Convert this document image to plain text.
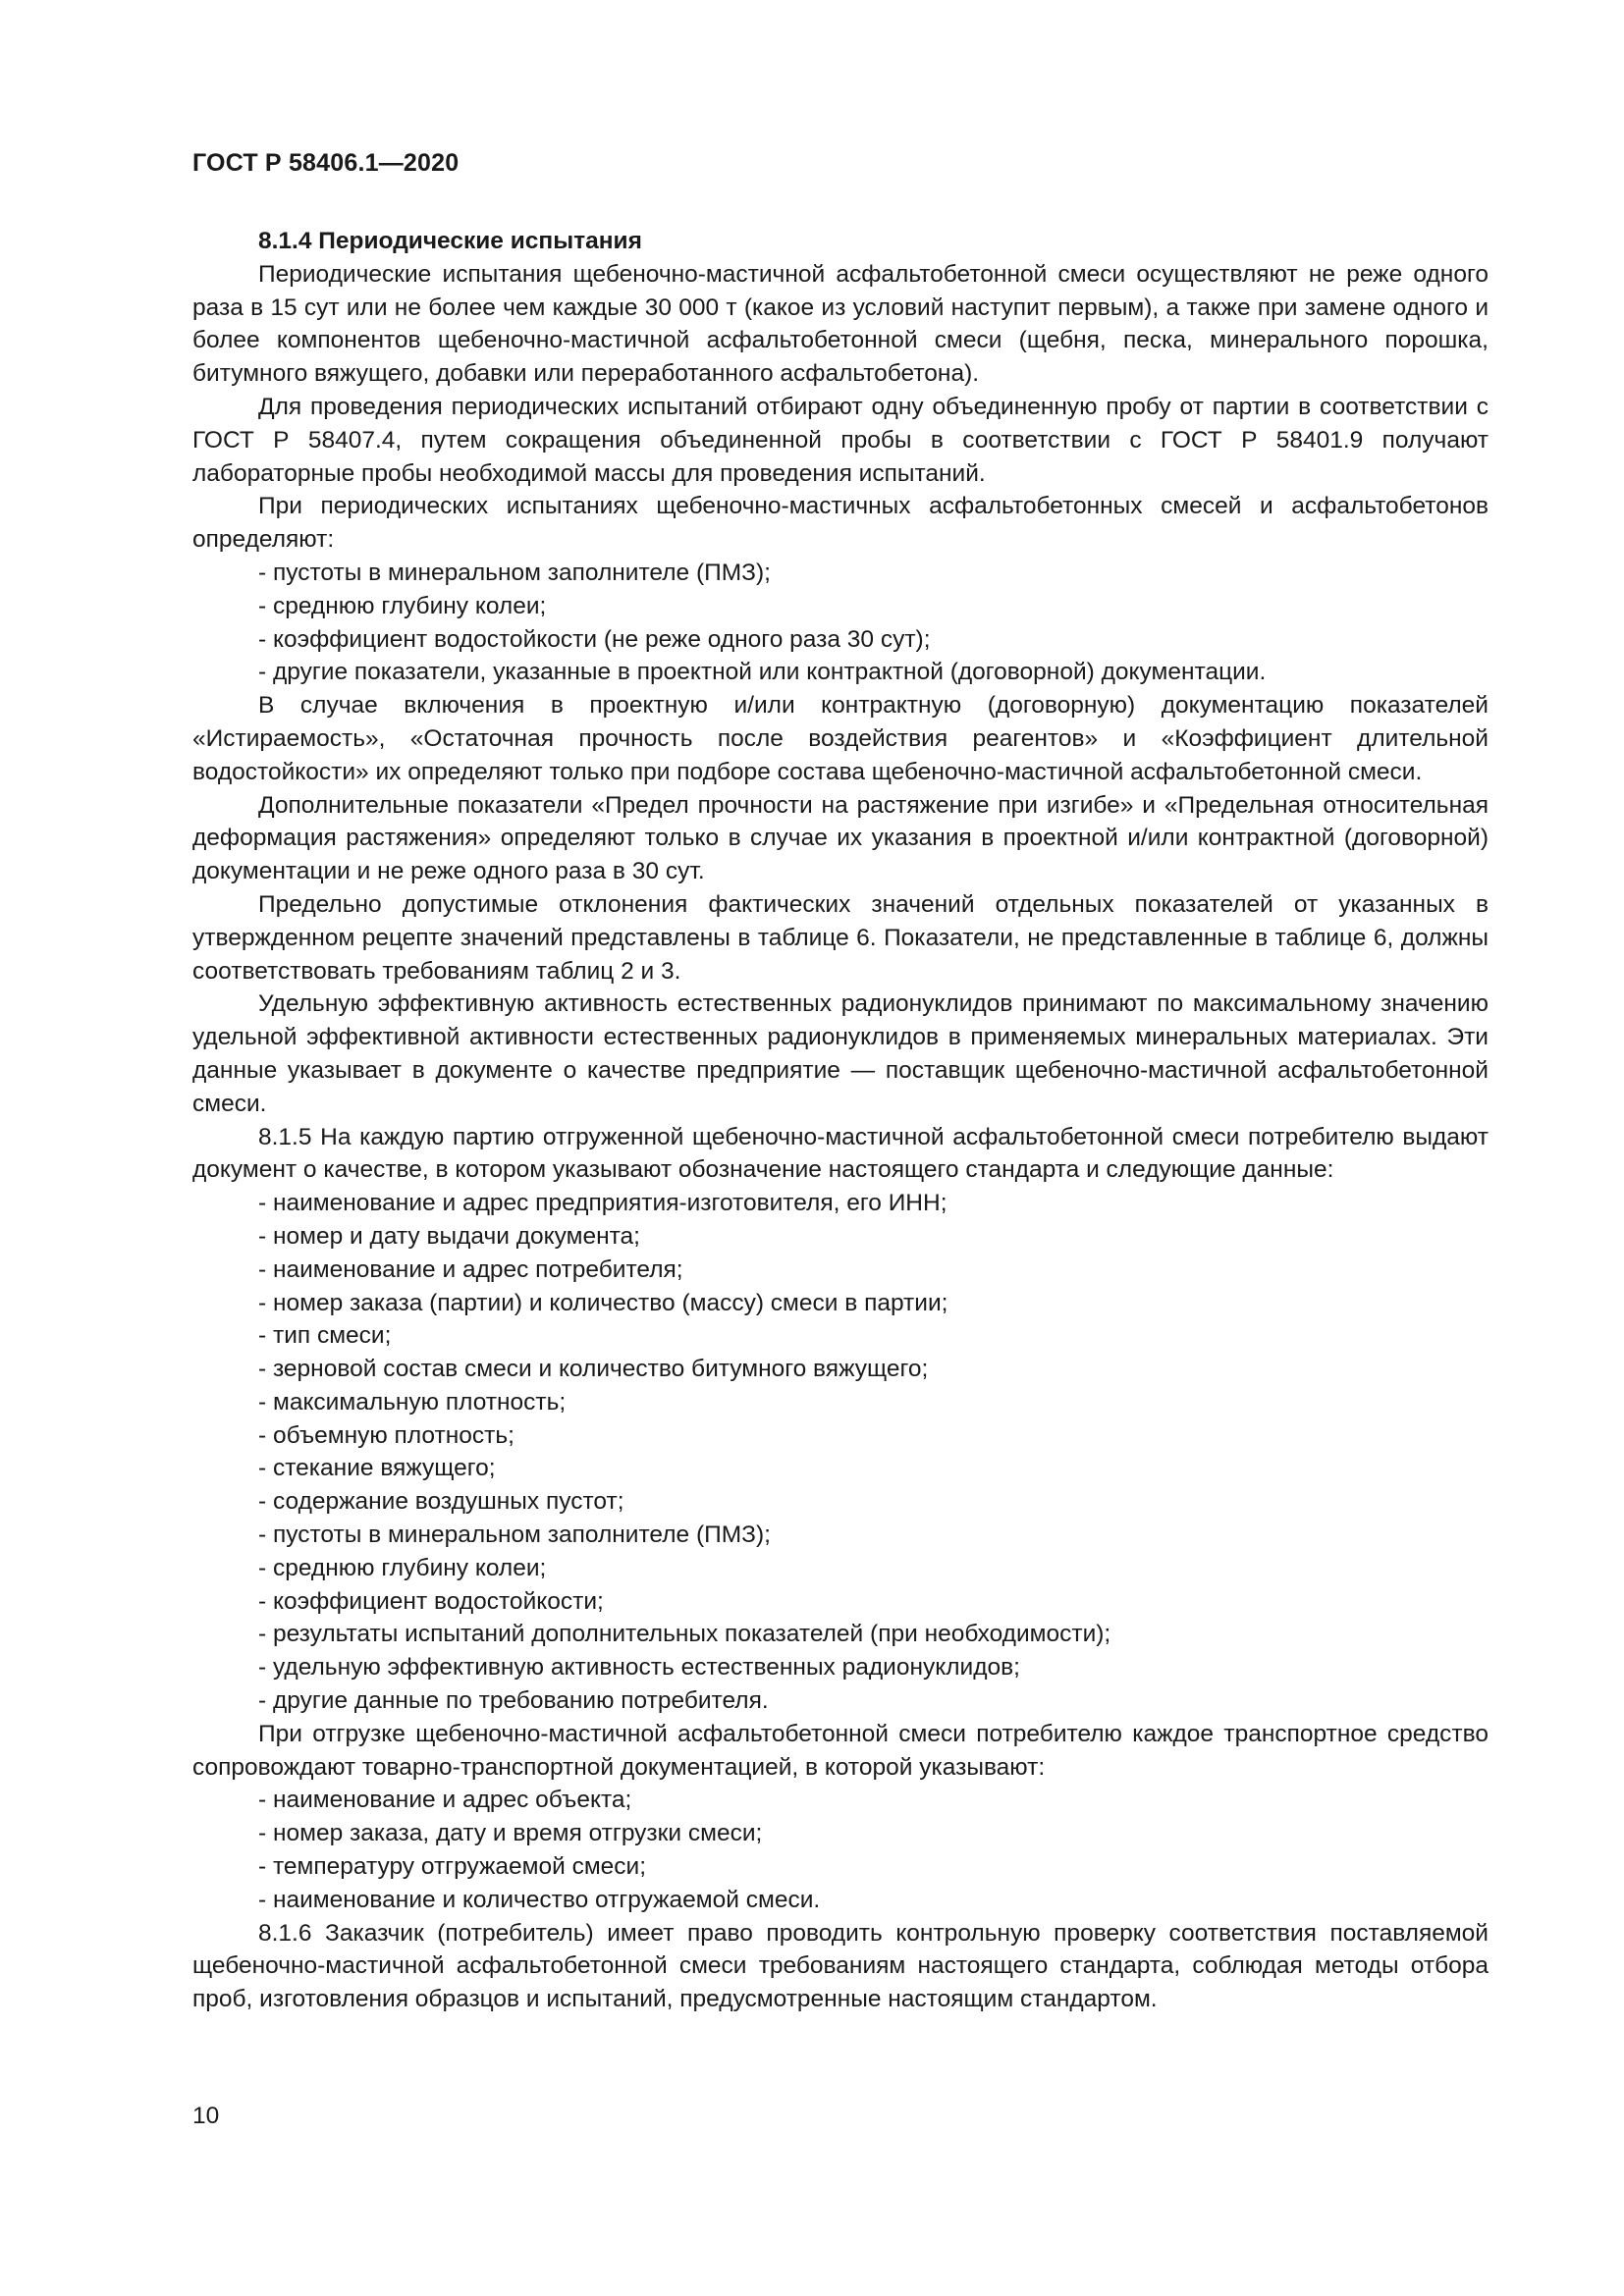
ГОСТ Р 58406.1—2020
8.1.4 Периодические испытания

Периодические испытания щебеночно-мастичной асфальтобетонной смеси осуществляют не реже одного раза в 15 сут или не более чем каждые 30 000 т (какое из условий наступит первым), а также при замене одного и более компонентов щебеночно-мастичной асфальтобетонной смеси (щебня, песка, минерального порошка, битумного вяжущего, добавки или переработанного асфальтобетона).

Для проведения периодических испытаний отбирают одну объединенную пробу от партии в соответствии с ГОСТ Р 58407.4, путем сокращения объединенной пробы в соответствии с ГОСТ Р 58401.9 получают лабораторные пробы необходимой массы для проведения испытаний.

При периодических испытаниях щебеночно-мастичных асфальтобетонных смесей и асфальтобетонов определяют:

- пустоты в минеральном заполнителе (ПМЗ);
- среднюю глубину колеи;
- коэффициент водостойкости (не реже одного раза 30 сут);
- другие показатели, указанные в проектной или контрактной (договорной) документации.

В случае включения в проектную и/или контрактную (договорную) документацию показателей «Истираемость», «Остаточная прочность после воздействия реагентов» и «Коэффициент длительной водостойкости» их определяют только при подборе состава щебеночно-мастичной асфальтобетонной смеси.

Дополнительные показатели «Предел прочности на растяжение при изгибе» и «Предельная относительная деформация растяжения» определяют только в случае их указания в проектной и/или контрактной (договорной) документации и не реже одного раза в 30 сут.

Предельно допустимые отклонения фактических значений отдельных показателей от указанных в утвержденном рецепте значений представлены в таблице 6. Показатели, не представленные в таблице 6, должны соответствовать требованиям таблиц 2 и 3.

Удельную эффективную активность естественных радионуклидов принимают по максимальному значению удельной эффективной активности естественных радионуклидов в применяемых минеральных материалах. Эти данные указывает в документе о качестве предприятие — поставщик щебеночно-мастичной асфальтобетонной смеси.

8.1.5 На каждую партию отгруженной щебеночно-мастичной асфальтобетонной смеси потребителю выдают документ о качестве, в котором указывают обозначение настоящего стандарта и следующие данные:

- наименование и адрес предприятия-изготовителя, его ИНН;
- номер и дату выдачи документа;
- наименование и адрес потребителя;
- номер заказа (партии) и количество (массу) смеси в партии;
- тип смеси;
- зерновой состав смеси и количество битумного вяжущего;
- максимальную плотность;
- объемную плотность;
- стекание вяжущего;
- содержание воздушных пустот;
- пустоты в минеральном заполнителе (ПМЗ);
- среднюю глубину колеи;
- коэффициент водостойкости;
- результаты испытаний дополнительных показателей (при необходимости);
- удельную эффективную активность естественных радионуклидов;
- другие данные по требованию потребителя.

При отгрузке щебеночно-мастичной асфальтобетонной смеси потребителю каждое транспортное средство сопровождают товарно-транспортной документацией, в которой указывают:

- наименование и адрес объекта;
- номер заказа, дату и время отгрузки смеси;
- температуру отгружаемой смеси;
- наименование и количество отгружаемой смеси.

8.1.6 Заказчик (потребитель) имеет право проводить контрольную проверку соответствия поставляемой щебеночно-мастичной асфальтобетонной смеси требованиям настоящего стандарта, соблюдая методы отбора проб, изготовления образцов и испытаний, предусмотренные настоящим стандартом.

10
